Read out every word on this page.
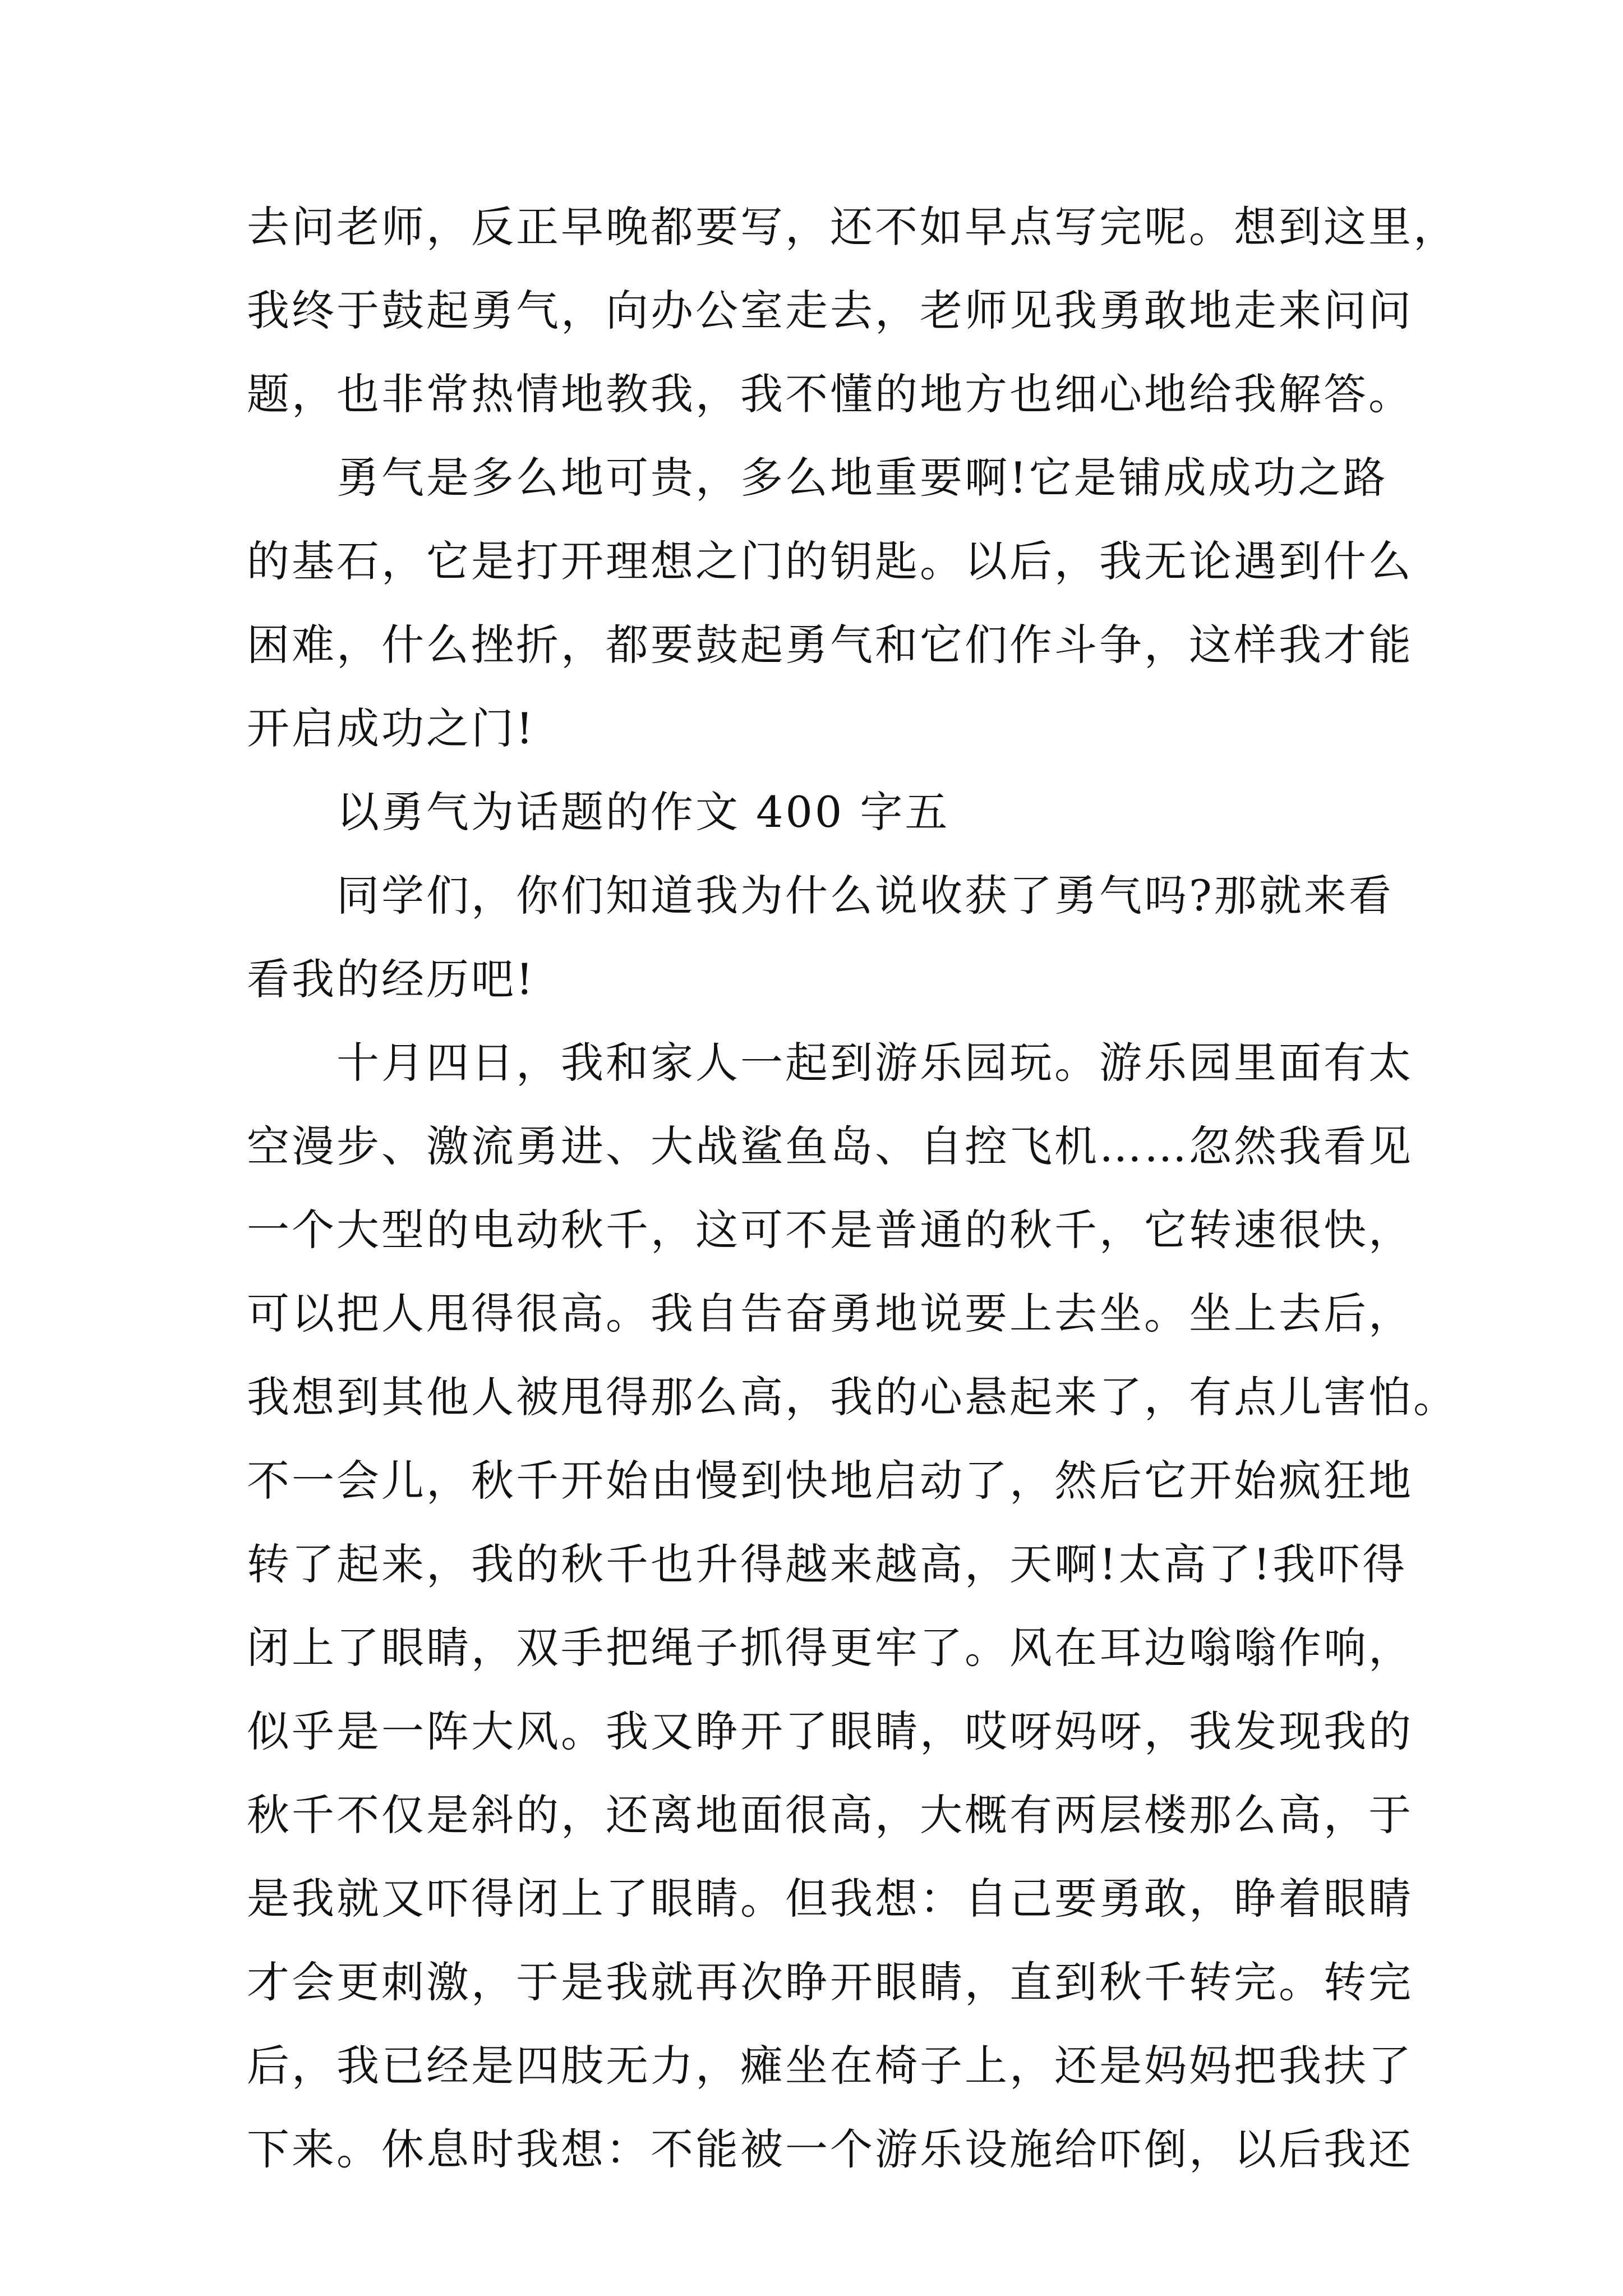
去问老师，反正早晚都要写，还不如早点写完呢。想到这里，

我终于鼓起勇气，向办公室走去，老师见我勇敢地走来问问

题，也非常热情地教我，我不懂的地方也细心地给我解答。

勇气是多么地可贵，多么地重要啊!它是铺成成功之路

的基石，它是打开理想之门的钥匙。以后，我无论遇到什么

困难，什么挫折，都要鼓起勇气和它们作斗争，这样我才能

开启成功之门!

以勇气为话题的作文 400 字五

同学们，你们知道我为什么说收获了勇气吗?那就来看

看我的经历吧!

十月四日，我和家人一起到游乐园玩。游乐园里面有太

空漫步、激流勇进、大战鲨鱼岛、自控飞机……忽然我看见

一个大型的电动秋千，这可不是普通的秋千，它转速很快，

可以把人甩得很高。我自告奋勇地说要上去坐。坐上去后，

我想到其他人被甩得那么高，我的心悬起来了，有点儿害怕。

不一会儿，秋千开始由慢到快地启动了，然后它开始疯狂地

转了起来，我的秋千也升得越来越高，天啊!太高了!我吓得

闭上了眼睛，双手把绳子抓得更牢了。风在耳边嗡嗡作响，

似乎是一阵大风。我又睁开了眼睛，哎呀妈呀，我发现我的

秋千不仅是斜的，还离地面很高，大概有两层楼那么高，于

是我就又吓得闭上了眼睛。但我想：自己要勇敢，睁着眼睛

才会更刺激，于是我就再次睁开眼睛，直到秋千转完。转完

后，我已经是四肢无力，瘫坐在椅子上，还是妈妈把我扶了

下来。休息时我想：不能被一个游乐设施给吓倒，以后我还
